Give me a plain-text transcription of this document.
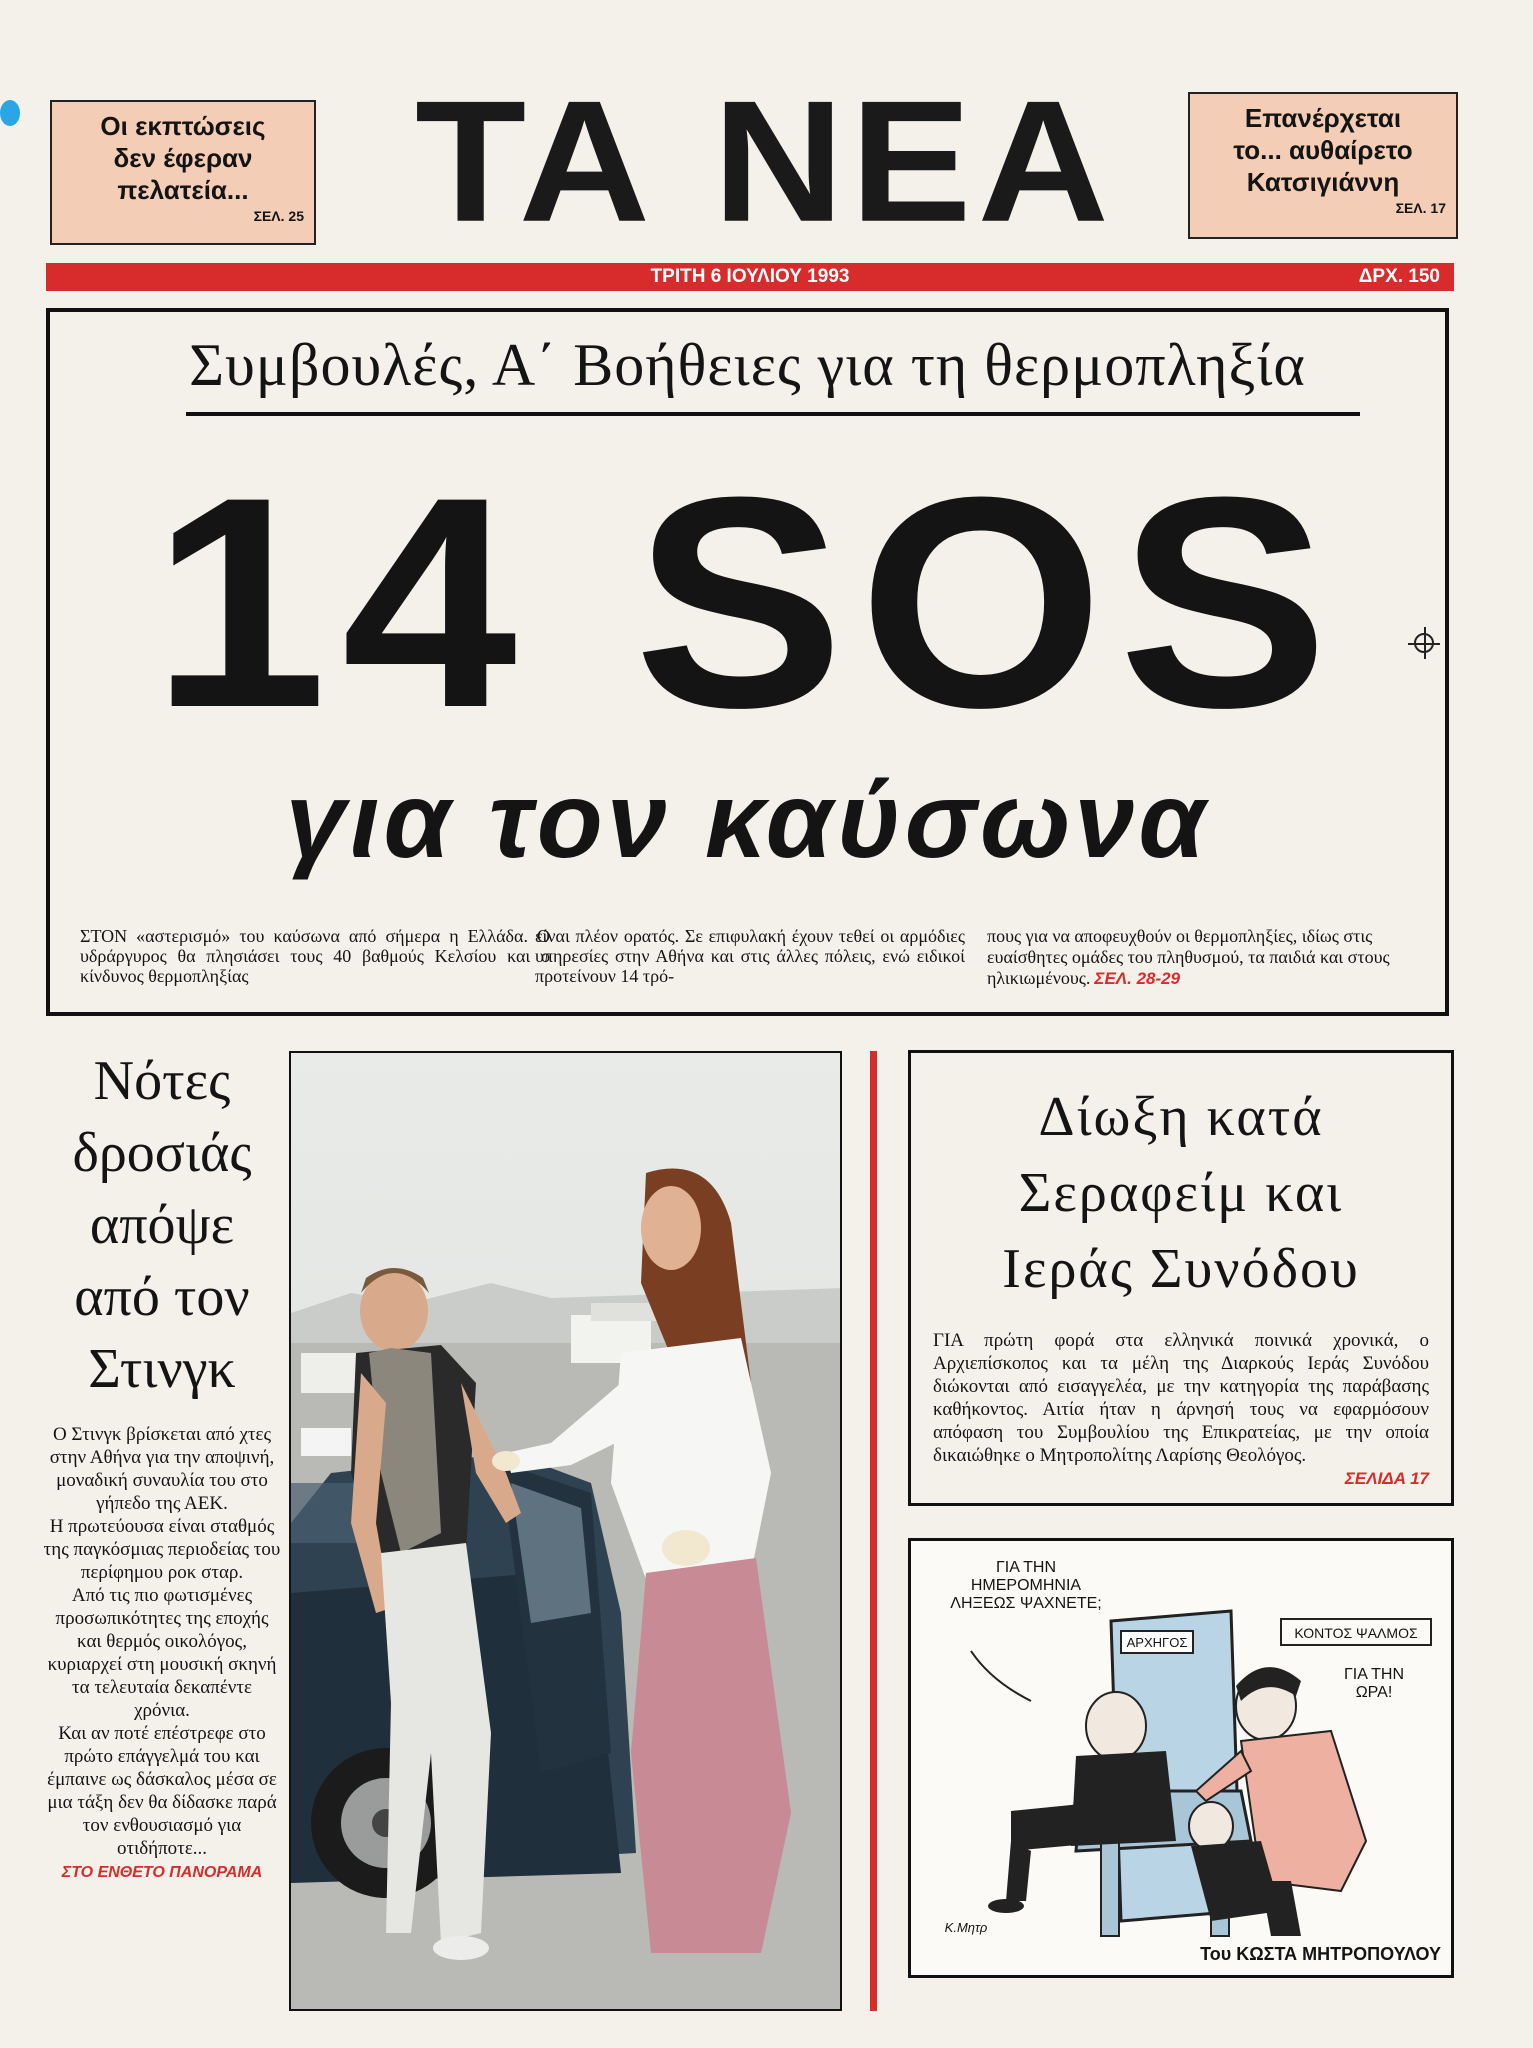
Οι εκπτώσεις
δεν έφεραν
πελατεία...
ΣΕΛ. 25 ΤΑ ΝΕΑ	Επανέρχεται
το... αυθαίρετο
Κατσιγιάννη
ΣΕΛ. 17
ΤΡΙΤΗ 6 ΙΟΥΛΙΟΥ 1993	ΔΡΧ. 150
Συμβουλές, Α΄ Βοήθειες για τη θερμοπληξία
14 SOS
για τον καύσωνα
ΣΤΟΝ «αστερισμό» του καύσωνα από σήμερα η Ελλάδα. Ο υδράργυρος θα πλησιάσει τους 40 βαθμούς Κελσίου και ο κίνδυνος θερμοπληξίας
είναι πλέον ορατός. Σε επιφυλακή έχουν τεθεί οι αρμόδιες υπηρεσίες στην Αθήνα και στις άλλες πόλεις, ενώ ειδικοί προτείνουν 14 τρό-
πους για να αποφευχθούν οι θερμοπληξίες, ιδίως στις ευαίσθητες ομάδες του πληθυσμού, τα παιδιά και στους ηλικιωμένους. ΣΕΛ. 28-29
Νότες
δροσιάς
απόψε
από τον
Στινγκ
Ο Στινγκ βρίσκεται από χτες στην Αθήνα για την αποψινή, μοναδική συναυλία του στο γήπεδο της ΑΕΚ.
Η πρωτεύουσα είναι σταθμός της παγκόσμιας περιοδείας του περίφημου ροκ σταρ.
Από τις πιο φωτισμένες προσωπικότητες της εποχής και θερμός οικολόγος, κυριαρχεί στη μουσική σκηνή τα τελευταία δεκαπέντε χρόνια.
Και αν ποτέ επέστρεφε στο πρώτο επάγγελμά του και έμπαινε ως δάσκαλος μέσα σε μια τάξη δεν θα δίδασκε παρά τον ενθουσιασμό για οτιδήποτε...
ΣΤΟ ΕΝΘΕΤΟ ΠΑΝΟΡΑΜΑ
Δίωξη κατά
Σεραφείμ και
Ιεράς Συνόδου
ΓΙΑ πρώτη φορά στα ελληνικά ποινικά χρονικά, ο Αρχιεπίσκοπος και τα μέλη της Διαρκούς Ιεράς Συνόδου διώκονται από εισαγγελέα, με την κατηγορία της παράβασης καθήκοντος. Αιτία ήταν η άρνησή τους να εφαρμόσουν απόφαση του Συμβουλίου της Επικρατείας, με την οποία δικαιώθηκε ο Μητροπολίτης Λαρίσης Θεολόγος.
ΣΕΛΙΔΑ 17
ΓΙΑ ΤΗΝ
ΗΜΕΡΟΜΗΝΙΑ
ΛΗΞΕΩΣ ΨΑΧΝΕΤΕ;
ΚΟΝΤΟΣ ΨΑΛΜΟΣ
ΑΡΧΗΓΟΣ
ΓΙΑ ΤΗΝ
ΩΡΑ!
Κ.Μητρ
Του ΚΩΣΤΑ ΜΗΤΡΟΠΟΥΛΟΥ
